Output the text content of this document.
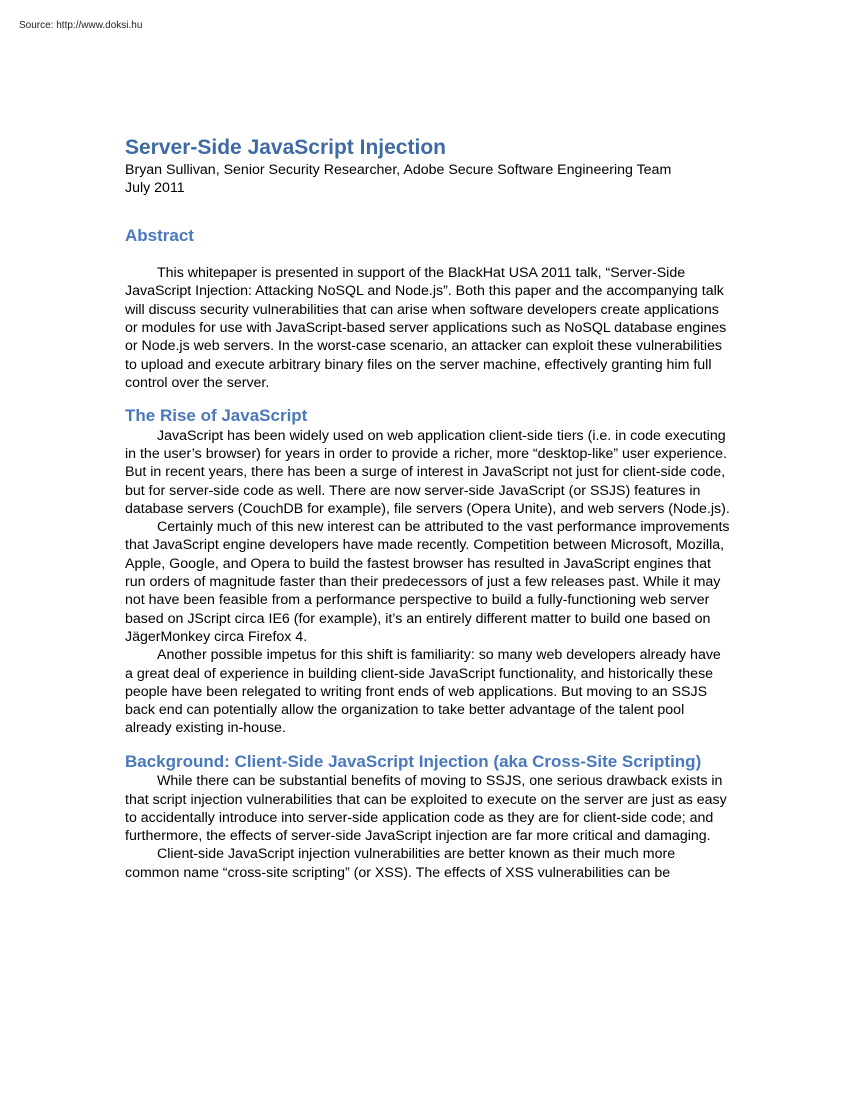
Source: http://www.doksi.hu
Server-Side JavaScript Injection

Bryan Sullivan, Senior Security Researcher, Adobe Secure Software Engineering Team

July 2011

Abstract

This whitepaper is presented in support of the BlackHat USA 2011 talk, “Server-Side JavaScript Injection: Attacking NoSQL and Node.js”. Both this paper and the accompanying talk will discuss security vulnerabilities that can arise when software developers create applications or modules for use with JavaScript-based server applications such as NoSQL database engines or Node.js web servers. In the worst-case scenario, an attacker can exploit these vulnerabilities to upload and execute arbitrary binary files on the server machine, effectively granting him full control over the server.

The Rise of JavaScript

JavaScript has been widely used on web application client-side tiers (i.e. in code executing in the user’s browser) for years in order to provide a richer, more “desktop-like” user experience. But in recent years, there has been a surge of interest in JavaScript not just for client-side code, but for server-side code as well. There are now server-side JavaScript (or SSJS) features in database servers (CouchDB for example), file servers (Opera Unite), and web servers (Node.js).

Certainly much of this new interest can be attributed to the vast performance improvements that JavaScript engine developers have made recently. Competition between Microsoft, Mozilla, Apple, Google, and Opera to build the fastest browser has resulted in JavaScript engines that run orders of magnitude faster than their predecessors of just a few releases past. While it may not have been feasible from a performance perspective to build a fully-functioning web server based on JScript circa IE6 (for example), it’s an entirely different matter to build one based on JägerMonkey circa Firefox 4.

Another possible impetus for this shift is familiarity: so many web developers already have a great deal of experience in building client-side JavaScript functionality, and historically these people have been relegated to writing front ends of web applications. But moving to an SSJS back end can potentially allow the organization to take better advantage of the talent pool already existing in-house.

Background: Client-Side JavaScript Injection (aka Cross-Site Scripting)

While there can be substantial benefits of moving to SSJS, one serious drawback exists in that script injection vulnerabilities that can be exploited to execute on the server are just as easy to accidentally introduce into server-side application code as they are for client-side code; and furthermore, the effects of server-side JavaScript injection are far more critical and damaging.

Client-side JavaScript injection vulnerabilities are better known as their much more common name “cross-site scripting” (or XSS). The effects of XSS vulnerabilities can be
